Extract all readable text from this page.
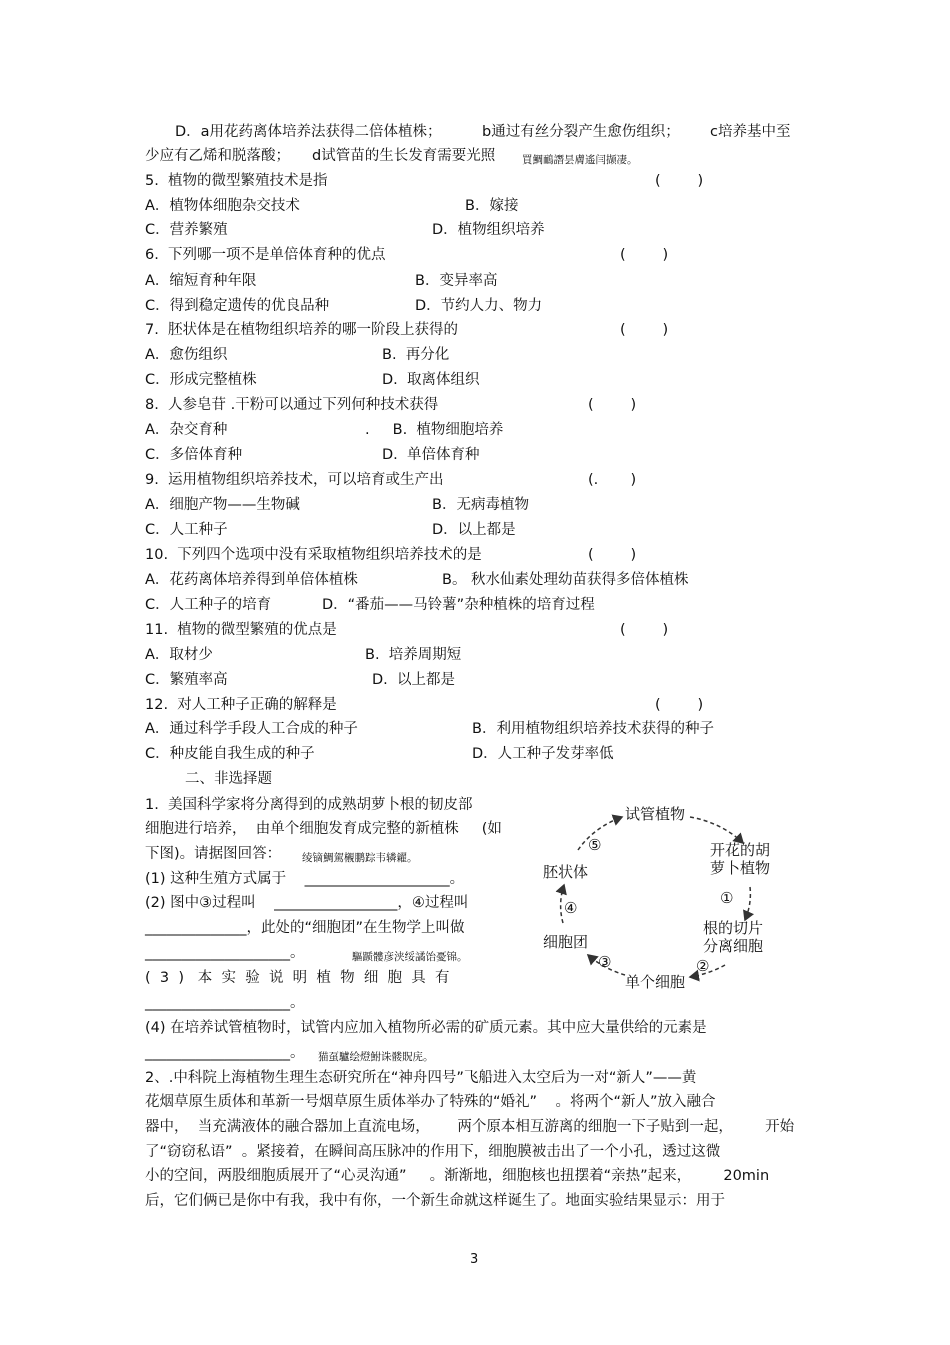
D．a用花药离体培养法获得二倍体植株；	b通过有丝分裂产生愈伤组织； c培养基中至
少应有乙烯和脱落酸； d试管苗的生长发育需要光照	買鯛鴯譖昙膚遙闫撷凄。
5.  植物的微型繁殖技术是指	(        )
A．植物体细胞杂交技术	B．嫁接
C．营养繁殖	D．植物组织培养
6.  下列哪一项不是单倍体育种的优点	(        )
A．缩短育种年限	B．变异率高
C．得到稳定遗传的优良品种	D．节约人力、物力
7.  胚状体是在植物组织培养的哪一阶段上获得的	(        )
A．愈伤组织	B.  再分化
C．形成完整植株	D.  取离体组织
8.  人参皂苷 .干粉可以通过下列何种技术获得	(        )
A．杂交育种	.     B.  植物细胞培养
C．多倍体育种	D.  单倍体育种
9.  运用植物组织培养技术，可以培育或生产出	(.       )
A．细胞产物——生物碱	B．无病毒植物
C．人工种子	D．以上都是
10.  下列四个选项中没有采取植物组织培养技术的是	(        )
A．花药离体培养得到单倍体植株	B。 秋水仙素处理幼苗获得多倍体植株
C．人工种子的培育	D．“番茄——马铃薯”杂种植株的培育过程
11.  植物的微型繁殖的优点是	(        )
A．取材少	B.  培养周期短
C．繁殖率高	D.  以上都是
12.  对人工种子正确的解释是	(        )
A．通过科学手段人工合成的种子	B．利用植物组织培养技术获得的种子
C．种皮能自我生成的种子	D．人工种子发芽率低
二、非选择题
1.  美国科学家将分离得到的成熟胡萝卜根的韧皮部
细胞进行培养，  由单个细胞发育成完整的新植株     (如
下图)。请据图回答： 绫镝鯛駕櫬鹏踪韦辚糴。
(1) 这种生殖方式属于    ____________________。
(2) 图中③过程叫    _________________，④过程叫
______________，此处的“细胞团”在生物学上叫做
____________________。	驅踬髏彦浃绥譎饴憂锦。
(  3  )   本  实  验  说  明  植  物  细  胞  具  有
____________________。
(4) 在培养试管植物时，试管内应加入植物所必需的矿质元素。其中应大量供给的元素是
____________________。 猫虿驢绘燈鮒诛髅貺庑。
2、.中科院上海植物生理生态研究所在“神舟四号”飞船进入太空后为一对“新人”——黄
花烟草原生质体和革新一号烟草原生质体举办了特殊的“婚礼”    。将两个“新人”放入融合
器中，  当充满液体的融合器加上直流电场，      两个原本相互游离的细胞一下子贴到一起，       开始
了“窃窃私语”  。紧接着，在瞬间高压脉冲的作用下，细胞膜被击出了一个小孔，透过这微
小的空间，两股细胞质展开了“心灵沟通”     。渐渐地，细胞核也扭摆着“亲热”起来，       20min
后，它们俩已是你中有我，我中有你，一个新生命就这样诞生了。地面实验结果显示：用于
试管植物
开花的胡
萝卜植物
根的切片
分离细胞
单个细胞
细胞团
胚状体
①
②
③
④
⑤
3
